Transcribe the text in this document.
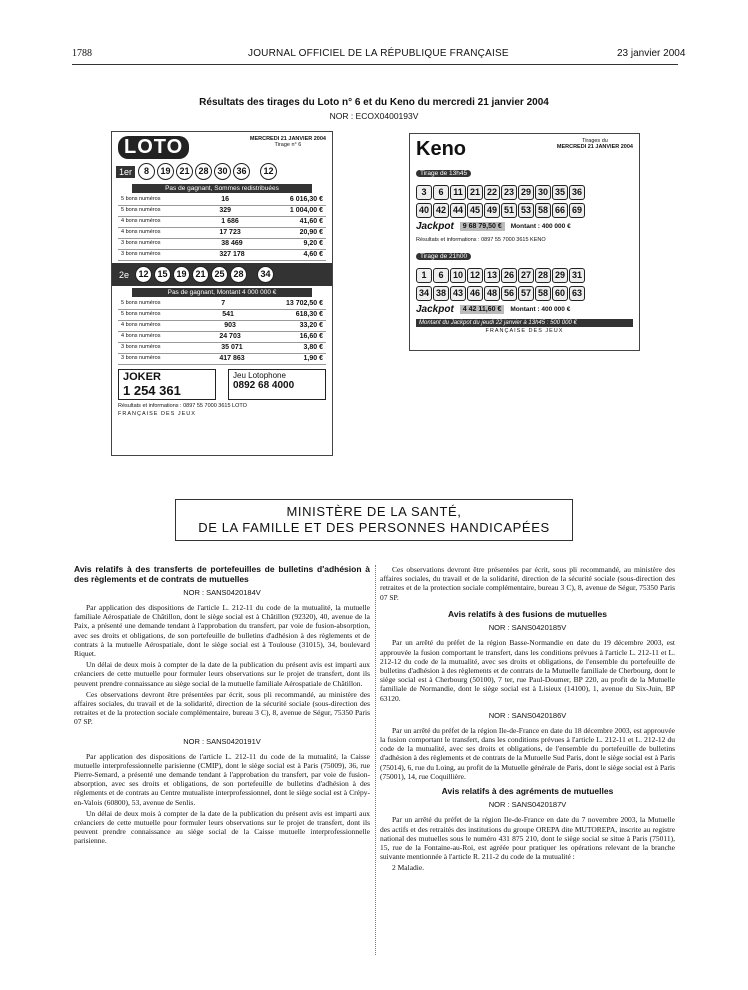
1788	JOURNAL OFFICIEL DE LA RÉPUBLIQUE FRANÇAISE	23 janvier 2004
Résultats des tirages du Loto n° 6 et du Keno du mercredi 21 janvier 2004
NOR : ECOX0400193V
LOTO	MERCREDI 21 JANVIER 2004
Tirage n° 6
1er	8	19 21 28 30 36	12
Pas de gagnant, Sommes redistribuées
5 bons numéros	16	6 016,30 €
5 bons numéros	329	1 004,00 €
4 bons numéros	1 686	41,60 €
4 bons numéros	17 723	20,90 €
3 bons numéros	38 469	9,20 €
3 bons numéros	327 178	4,60 €
2e	12 15 19 21 25 28	34
Pas de gagnant, Montant 4 000 000 €
5 bons numéros	7	13 702,50 €
5 bons numéros	541	618,30 €
4 bons numéros	903	33,20 €
4 bons numéros	24 703	16,60 €
3 bons numéros	35 071	3,80 €
3 bons numéros	417 863	1,90 €
JOKER
1 254 361
Jeu Lotophone
0892 68 4000
Résultats et informations : 0897 55 7000 3615 LOTO
FRANÇAISE DES JEUX
Keno	Tirages du
MERCREDI 21 JANVIER 2004
Tirage de 13h45
3 6 11 21 22 23 29 30 35 36
40 42 44 45 49 51 53 58 66 69
Jackpot	9 68 79,50 €	Montant : 400 000 €
Résultats et informations : 0897 55 7000 3615 KENO
Tirage de 21h00
1 6 10 12 13 26 27 28 29 31
34 38 43 46 48 56 57 58 60 63
Jackpot	4 42 11,60 €	Montant : 400 000 €
Montant du Jackpot du jeudi 22 janvier à 13h45 : 500 000 €
FRANÇAISE DES JEUX
MINISTÈRE DE LA SANTÉ,
DE LA FAMILLE ET DES PERSONNES HANDICAPÉES
Avis relatifs à des transferts de portefeuilles de bulletins d'adhésion à des règlements et de contrats de mutuelles
NOR : SANS0420184V

Par application des dispositions de l'article L. 212-11 du code de la mutualité, la mutuelle familiale Aérospatiale de Châtillon, dont le siège social est à Châtillon (92320), 40, avenue de la Paix, a présenté une demande tendant à l'approbation du transfert, par voie de fusion-absorption, avec ses droits et obligations, de son portefeuille de bulletins d'adhésion à des règlements et de contrats à la mutuelle Aérospatiale, dont le siège social est à Toulouse (31015), 34, boulevard Riquet.

Un délai de deux mois à compter de la date de la publication du présent avis est imparti aux créanciers de cette mutuelle pour formuler leurs observations sur le projet de transfert, dont ils peuvent prendre connaissance au siège social de la mutuelle familiale Aérospatiale de Châtillon.

Ces observations devront être présentées par écrit, sous pli recommandé, au ministère des affaires sociales, du travail et de la solidarité, direction de la sécurité sociale (sous-direction des retraites et de la protection sociale complémentaire, bureau 3 C), 8, avenue de Ségur, 75350 Paris 07 SP.

NOR : SANS0420191V

Par application des dispositions de l'article L. 212-11 du code de la mutualité, la Caisse mutuelle interprofessionnelle parisienne (CMIP), dont le siège social est à Paris (75009), 36, rue Pierre-Semard, a présenté une demande tendant à l'approbation du transfert, par voie de fusion-absorption, avec ses droits et obligations, de son portefeuille de bulletins d'adhésion à des règlements et de contrats au Centre mutualiste interprofessionnel, dont le siège social est à Crépy-en-Valois (60800), 53, avenue de Senlis.

Un délai de deux mois à compter de la date de la publication du présent avis est imparti aux créanciers de cette mutuelle pour formuler leurs observations sur le projet de transfert, dont ils peuvent prendre connaissance au siège social de la Caisse mutuelle interprofessionnelle parisienne.

Ces observations devront être présentées par écrit, sous pli recommandé, au ministère des affaires sociales, du travail et de la solidarité, direction de la sécurité sociale (sous-direction des retraites et de la protection sociale complémentaire, bureau 3 C), 8, avenue de Ségur, 75350 Paris 07 SP.

Avis relatifs à des fusions de mutuelles
NOR : SANS0420185V

Par un arrêté du préfet de la région Basse-Normandie en date du 19 décembre 2003, est approuvée la fusion comportant le transfert, dans les conditions prévues à l'article L. 212-11 et L. 212-12 du code de la mutualité, avec ses droits et obligations, de l'ensemble du portefeuille de bulletins d'adhésion à des règlements et de contrats de la Mutuelle familiale de Cherbourg, dont le siège social est à Cherbourg (50100), 7 ter, rue Paul-Doumer, BP 220, au profit de la Mutuelle familiale de Normandie, dont le siège social est à Lisieux (14100), 1, avenue du Six-Juin, BP 63120.

NOR : SANS0420186V

Par un arrêté du préfet de la région Ile-de-France en date du 18 décembre 2003, est approuvée la fusion comportant le transfert, dans les conditions prévues à l'article L. 212-11 et L. 212-12 du code de la mutualité, avec ses droits et obligations, de l'ensemble du portefeuille de bulletins d'adhésion à des règlements et de contrats de la Mutuelle Sud Paris, dont le siège social est à Paris (75014), 6, rue du Loing, au profit de la Mutuelle générale de Paris, dont le siège social est à Paris (75001), 14, rue Coquillière.

Avis relatifs à des agréments de mutuelles
NOR : SANS0420187V

Par un arrêté du préfet de la région Ile-de-France en date du 7 novembre 2003, la Mutuelle des actifs et des retraités des institutions du groupe OREPA dite MUTOREPA, inscrite au registre national des mutuelles sous le numéro 431 875 210, dont le siège social se situe à Paris (75011), 15, rue de la Fontaine-au-Roi, est agréée pour pratiquer les opérations relevant de la branche suivante mentionnée à l'article R. 211-2 du code de la mutualité :

2 Maladie.
